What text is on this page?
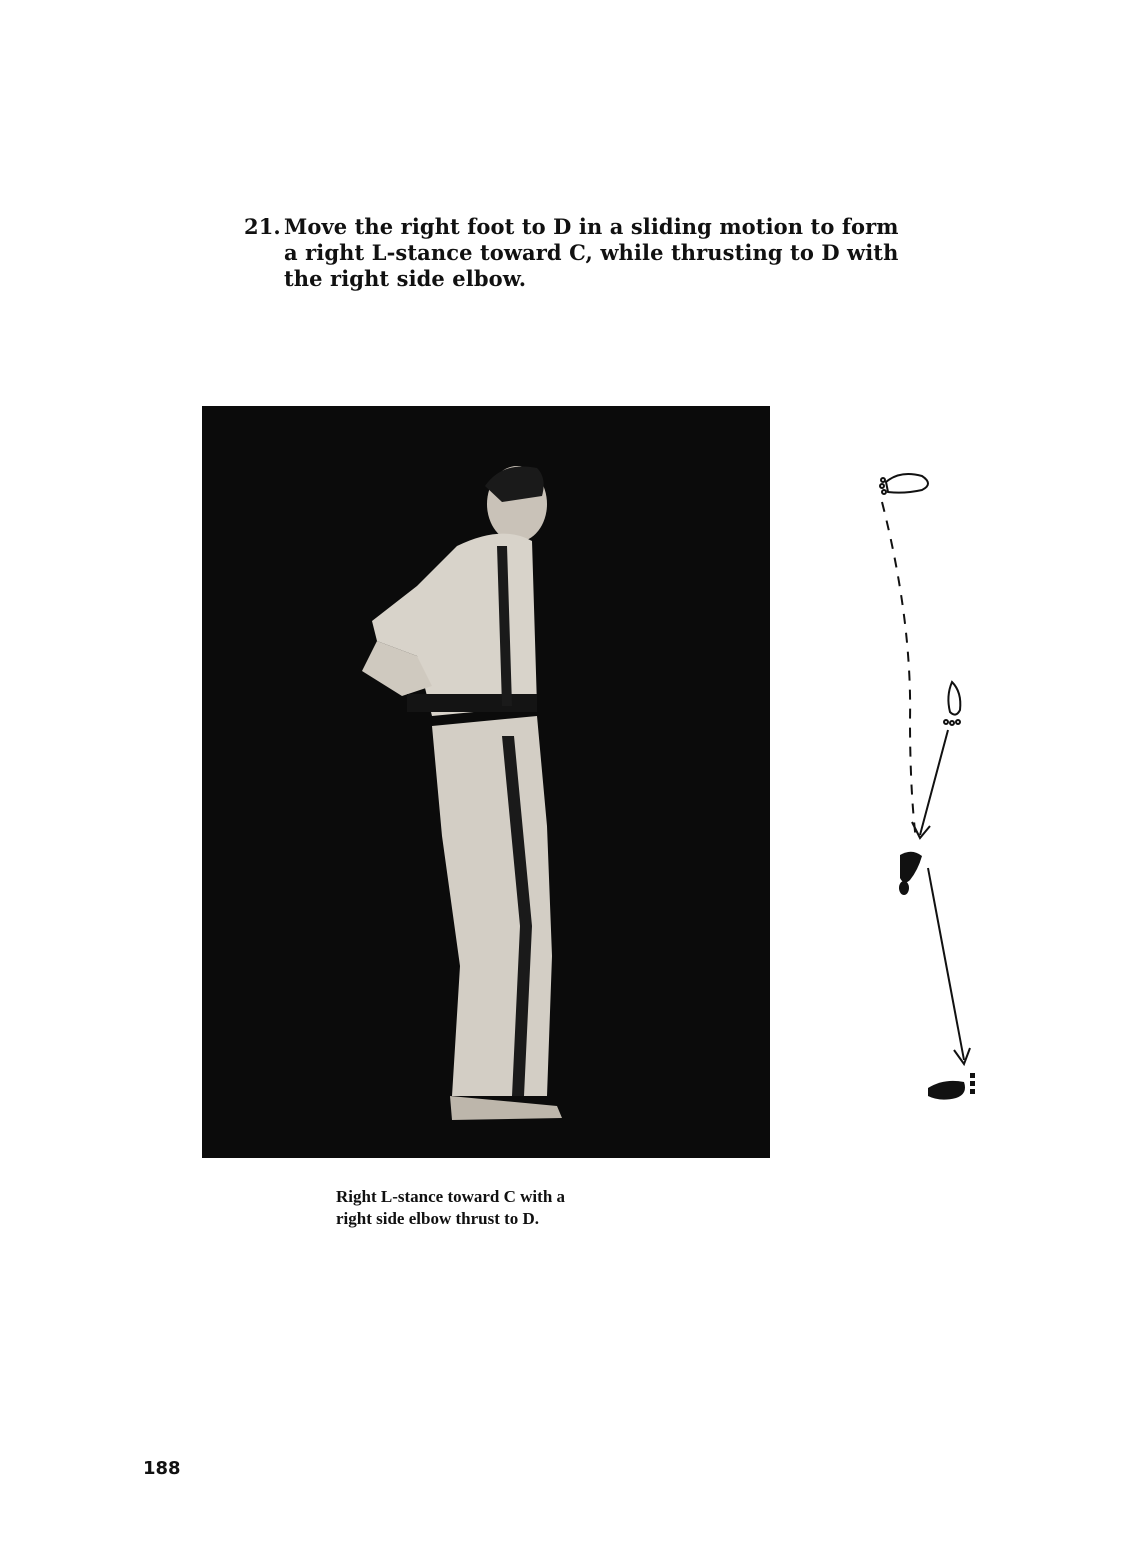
21. Move the right foot to D in a sliding motion to form a right L-stance toward C, while thrusting to D with the right side elbow.
Right L-stance toward C with a
right side elbow thrust to D.
188
